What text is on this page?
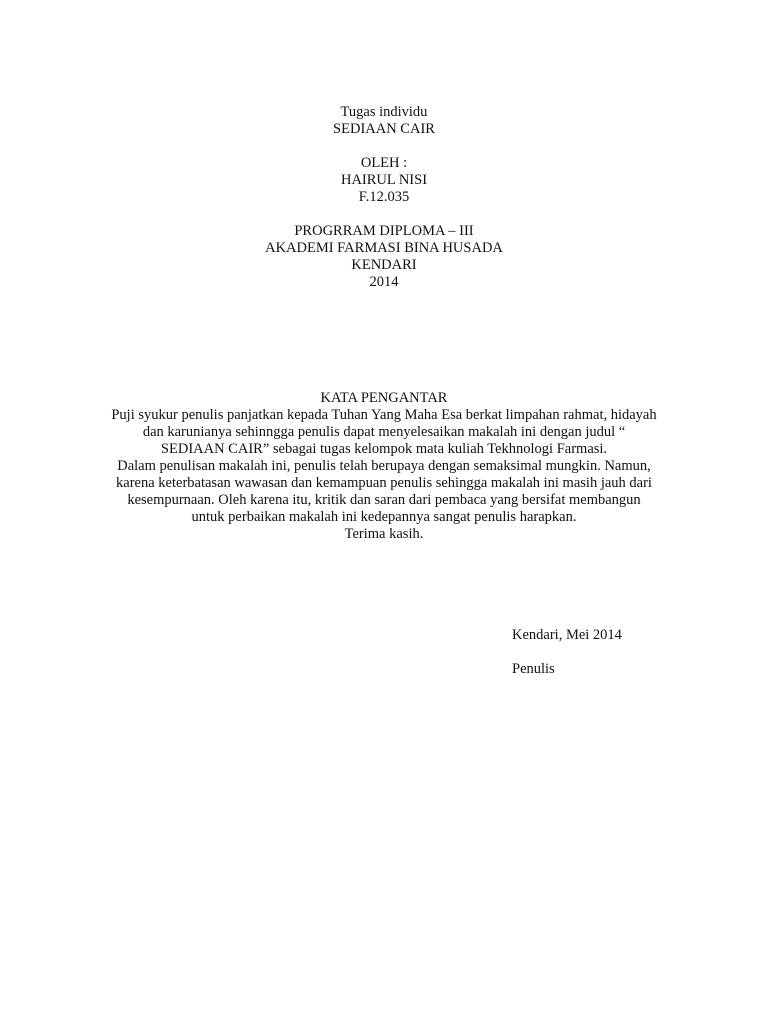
Tugas individu
SEDIAAN CAIR
OLEH :
HAIRUL NISI
F.12.035
PROGRRAM DIPLOMA – III
AKADEMI FARMASI BINA HUSADA
KENDARI
2014
KATA PENGANTAR
Puji syukur penulis panjatkan kepada Tuhan Yang Maha Esa berkat limpahan rahmat, hidayah
dan karunianya sehinngga penulis dapat menyelesaikan makalah ini dengan judul “
SEDIAAN CAIR” sebagai tugas kelompok mata kuliah Tekhnologi Farmasi.
Dalam penulisan makalah ini, penulis telah berupaya dengan semaksimal mungkin. Namun,
karena keterbatasan wawasan dan kemampuan penulis sehingga makalah ini masih jauh dari
kesempurnaan. Oleh karena itu, kritik dan saran dari pembaca yang bersifat membangun
untuk perbaikan makalah ini kedepannya sangat penulis harapkan.
Terima kasih.
Kendari, Mei 2014
Penulis
